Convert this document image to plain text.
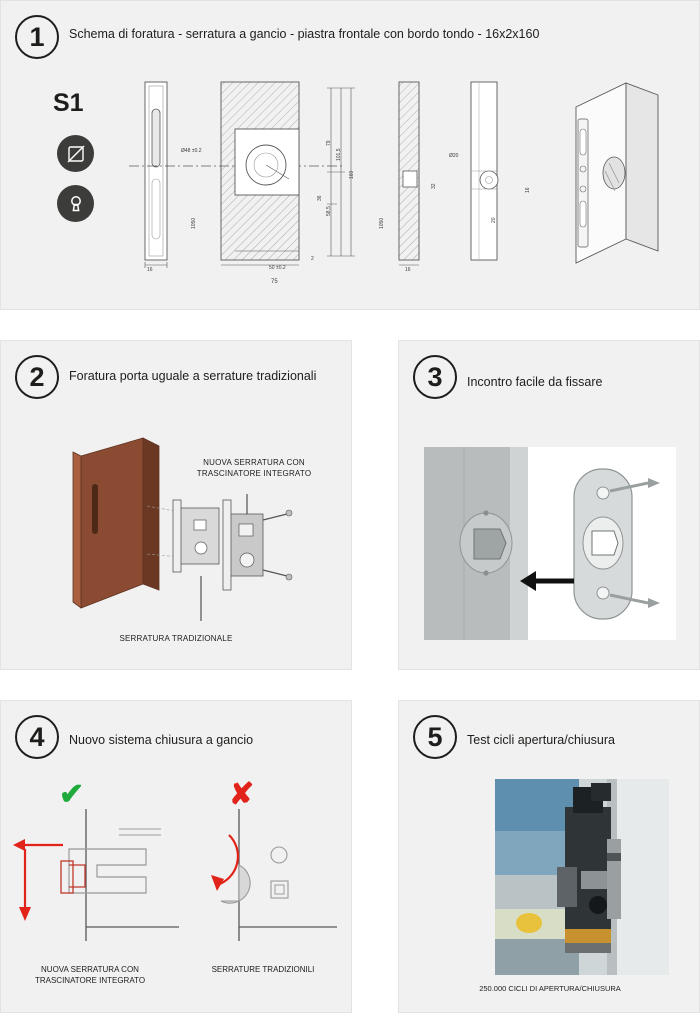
1	Schema di foratura - serratura a gancio - piastra frontale con bordo tondo - 16x2x160
S1
16
1050
Ø48 ±0.2
50 ±0.2
75
2
79
101,5
160
36
58,5
16
1050
Ø20
32
20
16
2	Foratura porta uguale a serrature tradizionali
NUOVA SERRATURA CON TRASCINATORE INTEGRATO
SERRATURA TRADIZIONALE
3	Incontro facile da fissare
4	Nuovo sistema chiusura a gancio
✔	✘
NUOVA SERRATURA CON TRASCINATORE INTEGRATO
SERRATURE TRADIZIONILI
5	Test cicli apertura/chiusura
250.000 CICLI DI APERTURA/CHIUSURA
